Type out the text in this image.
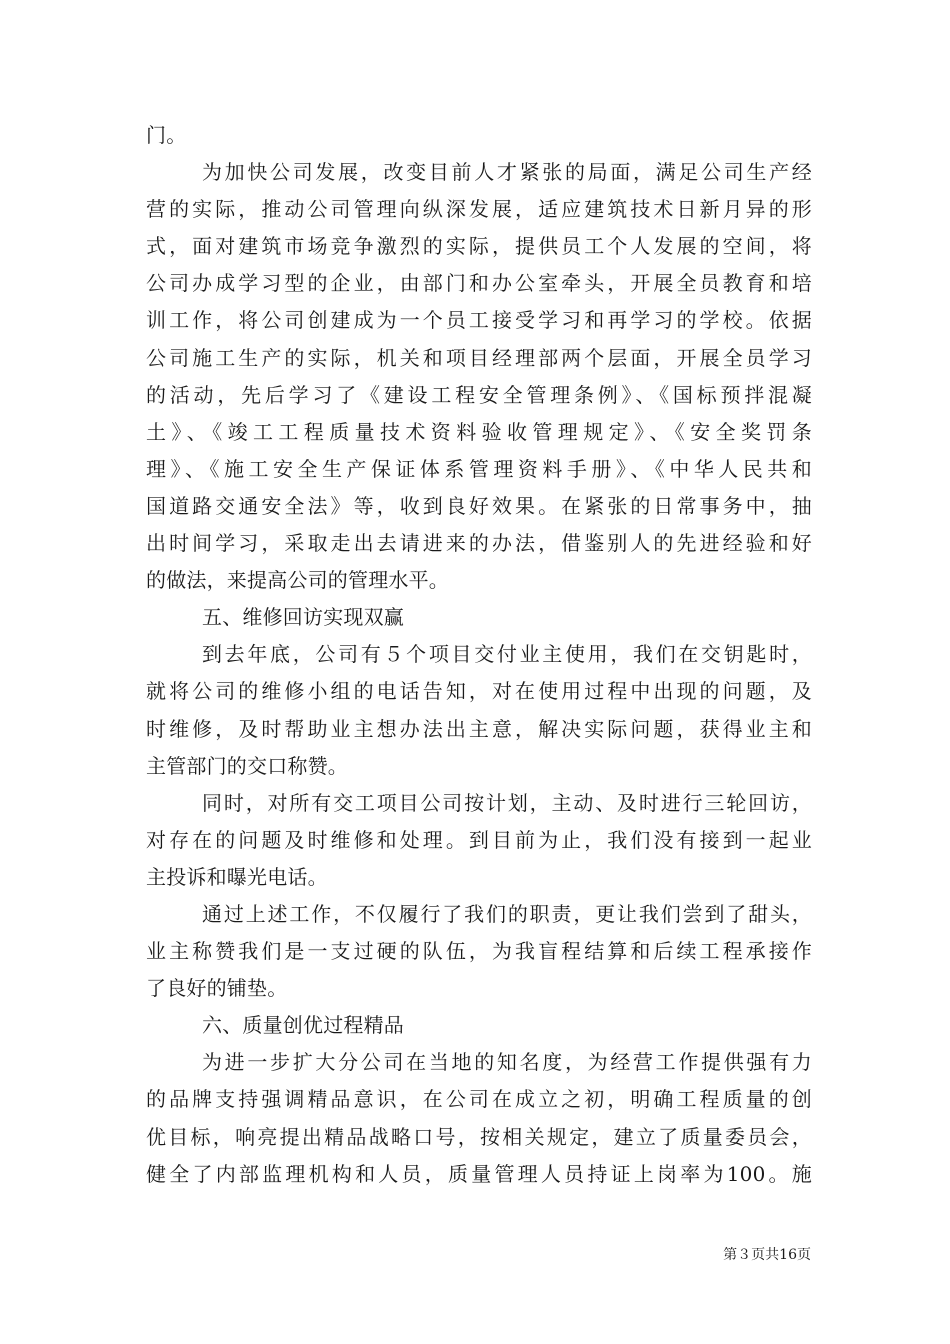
门。
为加快公司发展，改变目前人才紧张的局面，满足公司生产经
营的实际，推动公司管理向纵深发展，适应建筑技术日新月异的形
式，面对建筑市场竞争激烈的实际，提供员工个人发展的空间，将
公司办成学习型的企业，由部门和办公室牵头，开展全员教育和培
训工作，将公司创建成为一个员工接受学习和再学习的学校。依据
公司施工生产的实际，机关和项目经理部两个层面，开展全员学习
的活动，先后学习了《建设工程安全管理条例》、《国标预拌混凝
土》、《竣工工程质量技术资料验收管理规定》、《安全奖罚条
理》、《施工安全生产保证体系管理资料手册》、《中华人民共和
国道路交通安全法》等，收到良好效果。在紧张的日常事务中，抽
出时间学习，采取走出去请进来的办法，借鉴别人的先进经验和好
的做法，来提高公司的管理水平。
五、维修回访实现双赢
到去年底，公司有５个项目交付业主使用，我们在交钥匙时，
就将公司的维修小组的电话告知，对在使用过程中出现的问题，及
时维修，及时帮助业主想办法出主意，解决实际问题，获得业主和
主管部门的交口称赞。
同时，对所有交工项目公司按计划，主动、及时进行三轮回访，
对存在的问题及时维修和处理。到目前为止，我们没有接到一起业
主投诉和曝光电话。
通过上述工作，不仅履行了我们的职责，更让我们尝到了甜头，
业主称赞我们是一支过硬的队伍，为我盲程结算和后续工程承接作
了良好的铺垫。
六、质量创优过程精品
为进一步扩大分公司在当地的知名度，为经营工作提供强有力
的品牌支持强调精品意识，在公司在成立之初，明确工程质量的创
优目标，响亮提出精品战略口号，按相关规定，建立了质量委员会，
健全了内部监理机构和人员，质量管理人员持证上岗率为100。施
第３页共16页
